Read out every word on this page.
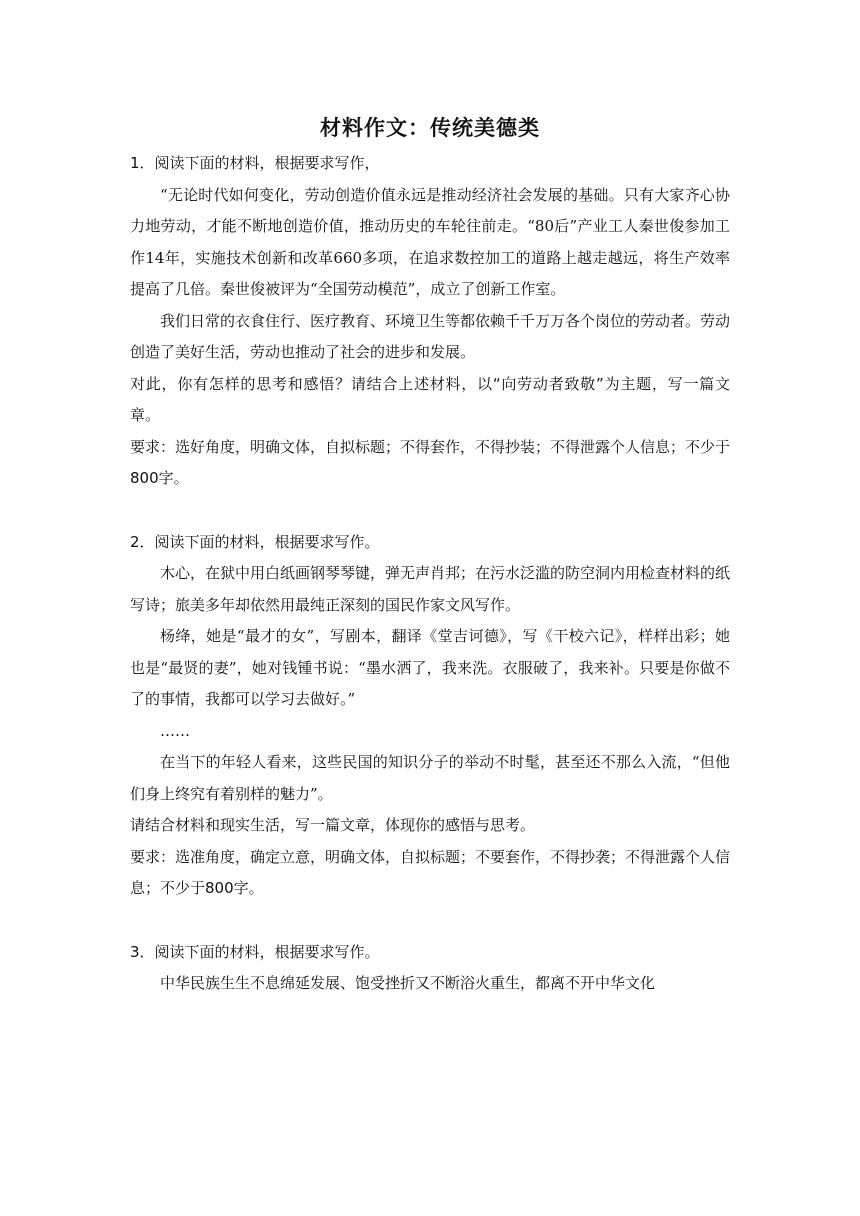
材料作文：传统美德类

1．阅读下面的材料，根据要求写作，

“无论时代如何变化，劳动创造价值永远是推动经济社会发展的基础。只有大家齐心协力地劳动，才能不断地创造价值，推动历史的车轮往前走。“80后”产业工人秦世俊参加工作14年，实施技术创新和改革660多项，在追求数控加工的道路上越走越远，将生产效率提高了几倍。秦世俊被评为“全国劳动模范”，成立了创新工作室。

我们日常的衣食住行、医疗教育、环境卫生等都依赖千千万万各个岗位的劳动者。劳动创造了美好生活，劳动也推动了社会的进步和发展。

对此，你有怎样的思考和感悟？请结合上述材料，以“向劳动者致敬”为主题，写一篇文章。

要求：选好角度，明确文体，自拟标题；不得套作，不得抄装；不得泄露个人信息；不少于800字。

2．阅读下面的材料，根据要求写作。

木心，在狱中用白纸画钢琴琴键，弹无声肖邦；在污水泛滥的防空洞内用检查材料的纸写诗；旅美多年却依然用最纯正深刻的国民作家文风写作。

杨绛，她是“最才的女”，写剧本，翻译《堂吉诃德》，写《干校六记》，样样出彩；她也是“最贤的妻”，她对钱锺书说：“墨水洒了，我来洗。衣服破了，我来补。只要是你做不了的事情，我都可以学习去做好。”

……

在当下的年轻人看来，这些民国的知识分子的举动不时髦，甚至还不那么入流，“但他们身上终究有着别样的魅力”。

请结合材料和现实生活，写一篇文章，体现你的感悟与思考。

要求：选准角度，确定立意，明确文体，自拟标题；不要套作，不得抄袭；不得泄露个人信息；不少于800字。

3．阅读下面的材料，根据要求写作。

中华民族生生不息绵延发展、饱受挫折又不断浴火重生，都离不开中华文化
